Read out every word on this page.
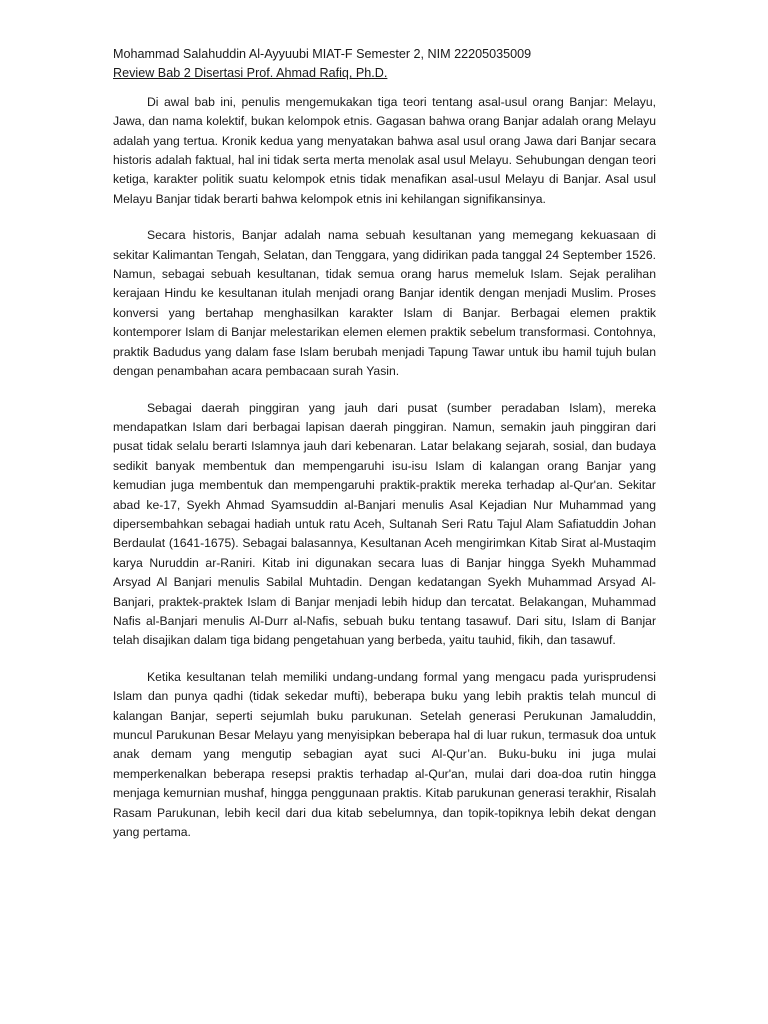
Mohammad Salahuddin Al-Ayyuubi MIAT-F Semester 2, NIM 22205035009

Review Bab 2 Disertasi Prof. Ahmad Rafiq, Ph.D.

Di awal bab ini, penulis mengemukakan tiga teori tentang asal-usul orang Banjar: Melayu, Jawa, dan nama kolektif, bukan kelompok etnis. Gagasan bahwa orang Banjar adalah orang Melayu adalah yang tertua. Kronik kedua yang menyatakan bahwa asal usul orang Jawa dari Banjar secara historis adalah faktual, hal ini tidak serta merta menolak asal usul Melayu. Sehubungan dengan teori ketiga, karakter politik suatu kelompok etnis tidak menafikan asal-usul Melayu di Banjar. Asal usul Melayu Banjar tidak berarti bahwa kelompok etnis ini kehilangan signifikansinya.

Secara historis, Banjar adalah nama sebuah kesultanan yang memegang kekuasaan di sekitar Kalimantan Tengah, Selatan, dan Tenggara, yang didirikan pada tanggal 24 September 1526. Namun, sebagai sebuah kesultanan, tidak semua orang harus memeluk Islam. Sejak peralihan kerajaan Hindu ke kesultanan itulah menjadi orang Banjar identik dengan menjadi Muslim. Proses konversi yang bertahap menghasilkan karakter Islam di Banjar. Berbagai elemen praktik kontemporer Islam di Banjar melestarikan elemen elemen praktik sebelum transformasi. Contohnya, praktik Badudus yang dalam fase Islam berubah menjadi Tapung Tawar untuk ibu hamil tujuh bulan dengan penambahan acara pembacaan surah Yasin.

Sebagai daerah pinggiran yang jauh dari pusat (sumber peradaban Islam), mereka mendapatkan Islam dari berbagai lapisan daerah pinggiran. Namun, semakin jauh pinggiran dari pusat tidak selalu berarti Islamnya jauh dari kebenaran. Latar belakang sejarah, sosial, dan budaya sedikit banyak membentuk dan mempengaruhi isu-isu Islam di kalangan orang Banjar yang kemudian juga membentuk dan mempengaruhi praktik-praktik mereka terhadap al-Qur'an. Sekitar abad ke-17, Syekh Ahmad Syamsuddin al-Banjari menulis Asal Kejadian Nur Muhammad yang dipersembahkan sebagai hadiah untuk ratu Aceh, Sultanah Seri Ratu Tajul Alam Safiatuddin Johan Berdaulat (1641-1675). Sebagai balasannya, Kesultanan Aceh mengirimkan Kitab Sirat al-Mustaqim karya Nuruddin ar-Raniri. Kitab ini digunakan secara luas di Banjar hingga Syekh Muhammad Arsyad Al Banjari menulis Sabilal Muhtadin. Dengan kedatangan Syekh Muhammad Arsyad Al-Banjari, praktek-praktek Islam di Banjar menjadi lebih hidup dan tercatat. Belakangan, Muhammad Nafis al-Banjari menulis Al-Durr al-Nafis, sebuah buku tentang tasawuf. Dari situ, Islam di Banjar telah disajikan dalam tiga bidang pengetahuan yang berbeda, yaitu tauhid, fikih, dan tasawuf.

Ketika kesultanan telah memiliki undang-undang formal yang mengacu pada yurisprudensi Islam dan punya qadhi (tidak sekedar mufti), beberapa buku yang lebih praktis telah muncul di kalangan Banjar, seperti sejumlah buku parukunan. Setelah generasi Perukunan Jamaluddin, muncul Parukunan Besar Melayu yang menyisipkan beberapa hal di luar rukun, termasuk doa untuk anak demam yang mengutip sebagian ayat suci Al-Qur’an. Buku-buku ini juga mulai memperkenalkan beberapa resepsi praktis terhadap al-Qur'an, mulai dari doa-doa rutin hingga menjaga kemurnian mushaf, hingga penggunaan praktis. Kitab parukunan generasi terakhir, Risalah Rasam Parukunan, lebih kecil dari dua kitab sebelumnya, dan topik-topiknya lebih dekat dengan yang pertama.
